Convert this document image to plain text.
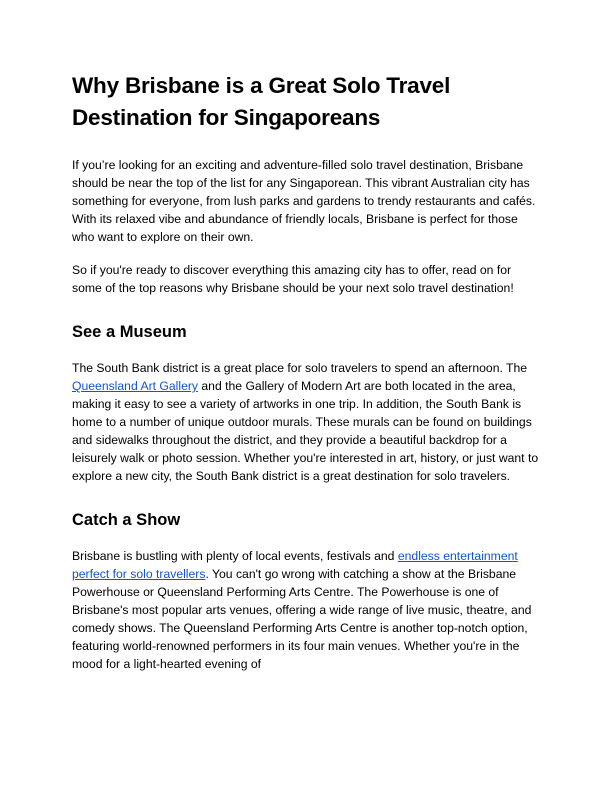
Why Brisbane is a Great Solo Travel
Destination for Singaporeans

If you’re looking for an exciting and adventure-filled solo travel destination, Brisbane should be near the top of the list for any Singaporean. This vibrant Australian city has something for everyone, from lush parks and gardens to trendy restaurants and cafés. With its relaxed vibe and abundance of friendly locals, Brisbane is perfect for those who want to explore on their own.

So if you're ready to discover everything this amazing city has to offer, read on for some of the top reasons why Brisbane should be your next solo travel destination!

See a Museum

The South Bank district is a great place for solo travelers to spend an afternoon. The Queensland Art Gallery and the Gallery of Modern Art are both located in the area, making it easy to see a variety of artworks in one trip. In addition, the South Bank is home to a number of unique outdoor murals. These murals can be found on buildings and sidewalks throughout the district, and they provide a beautiful backdrop for a leisurely walk or photo session. Whether you're interested in art, history, or just want to explore a new city, the South Bank district is a great destination for solo travelers.

Catch a Show

Brisbane is bustling with plenty of local events, festivals and endless entertainment perfect for solo travellers. You can't go wrong with catching a show at the Brisbane Powerhouse or Queensland Performing Arts Centre. The Powerhouse is one of Brisbane's most popular arts venues, offering a wide range of live music, theatre, and comedy shows. The Queensland Performing Arts Centre is another top-notch option, featuring world-renowned performers in its four main venues. Whether you're in the mood for a light-hearted evening of
